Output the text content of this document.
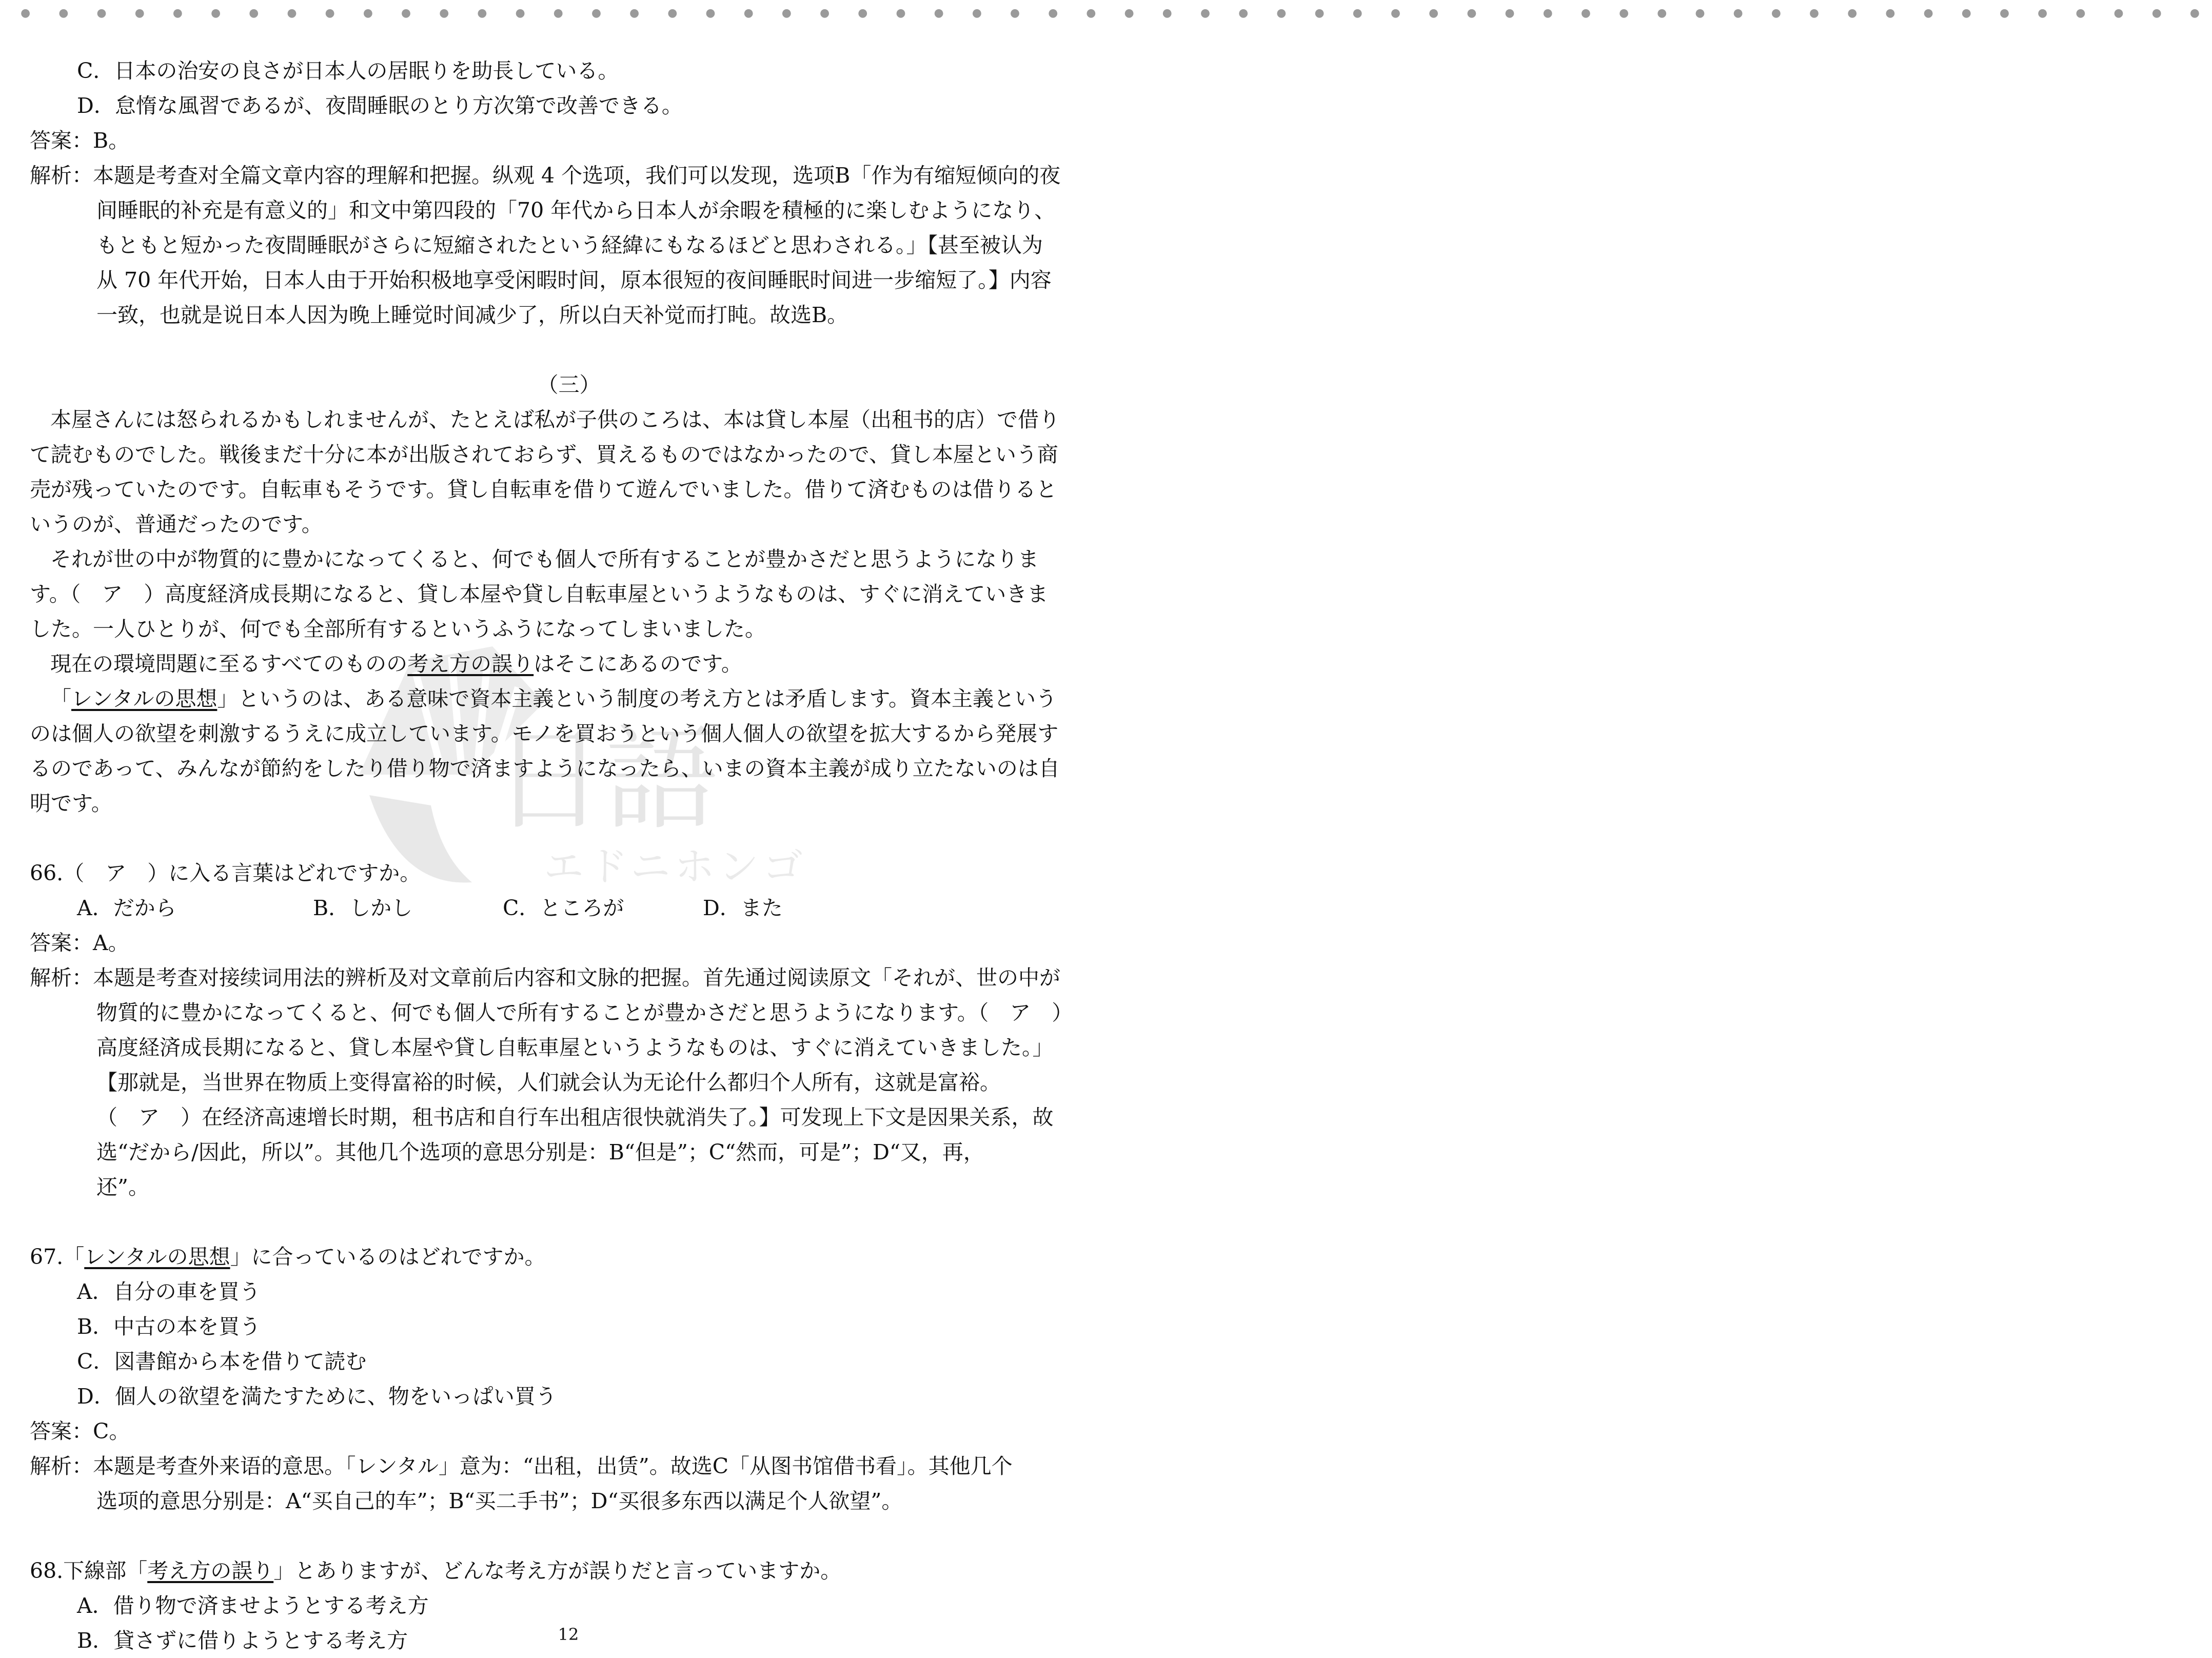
● ● ● ● ● ● ● ● ● ● ● ● ● ● ● ● ● ● ● ● ● ● ● ● ● ● ● ● ● ● ● ● ● ● ● ● ● ● ● ● ● ● ● ● ● ● ● ● ● ● ● ● ● ● ● ● ● ●
日語
エドニホンゴ
C．日本の治安の良さが日本人の居眠りを助長している。
D．怠惰な風習であるが、夜間睡眠のとり方次第で改善できる。
答案：B。
解析：本题是考查对全篇文章内容的理解和把握。纵观 4 个选项，我们可以发现，选项B「作为有缩短倾向的夜
间睡眠的补充是有意义的」和文中第四段的「70 年代から日本人が余暇を積極的に楽しむようになり、
もともと短かった夜間睡眠がさらに短縮されたという経緯にもなるほどと思わされる。」【甚至被认为
从 70 年代开始，日本人由于开始积极地享受闲暇时间，原本很短的夜间睡眠时间进一步缩短了。】内容
一致，也就是说日本人因为晚上睡觉时间减少了，所以白天补觉而打盹。故选B。
（三）
本屋さんには怒られるかもしれませんが、たとえば私が子供のころは、本は貸し本屋（出租书的店）で借り
て読むものでした。戦後まだ十分に本が出版されておらず、買えるものではなかったので、貸し本屋という商
売が残っていたのです。自転車もそうです。貸し自転車を借りて遊んでいました。借りて済むものは借りると
いうのが、普通だったのです。
それが世の中が物質的に豊かになってくると、何でも個人で所有することが豊かさだと思うようになりま
す。（　ア　）高度経済成長期になると、貸し本屋や貸し自転車屋というようなものは、すぐに消えていきま
した。一人ひとりが、何でも全部所有するというふうになってしまいました。
現在の環境問題に至るすべてのものの考え方の誤りはそこにあるのです。
「レンタルの思想」というのは、ある意味で資本主義という制度の考え方とは矛盾します。資本主義という
のは個人の欲望を刺激するうえに成立しています。モノを買おうという個人個人の欲望を拡大するから発展す
るのであって、みんなが節約をしたり借り物で済ますようになったら、いまの資本主義が成り立たないのは自
明です。
66.（　ア　）に入る言葉はどれですか。
A．だから	B．しかし	C．ところが	D．また
答案：A。
解析：本题是考查对接续词用法的辨析及对文章前后内容和文脉的把握。首先通过阅读原文「それが、世の中が
物質的に豊かになってくると、何でも個人で所有することが豊かさだと思うようになります。（　ア　）
高度経済成長期になると、貸し本屋や貸し自転車屋というようなものは、すぐに消えていきました。」
【那就是，当世界在物质上变得富裕的时候，人们就会认为无论什么都归个人所有，这就是富裕。
（　ア　）在经济高速增长时期，租书店和自行车出租店很快就消失了。】可发现上下文是因果关系，故
选“だから/因此，所以”。其他几个选项的意思分别是：B“但是”；C“然而，可是”；D“又，再，
还”。
67.「レンタルの思想」に合っているのはどれですか。
A．自分の車を買う
B．中古の本を買う
C．図書館から本を借りて読む
D．個人の欲望を満たすために、物をいっぱい買う
答案：C。
解析：本题是考查外来语的意思。「レンタル」意为：“出租，出赁”。故选C「从图书馆借书看」。其他几个
选项的意思分别是：A“买自己的车”；B“买二手书”；D“买很多东西以满足个人欲望”。
68.下線部「考え方の誤り」とありますが、どんな考え方が誤りだと言っていますか。
A．借り物で済ませようとする考え方
B．貸さずに借りようとする考え方	12
